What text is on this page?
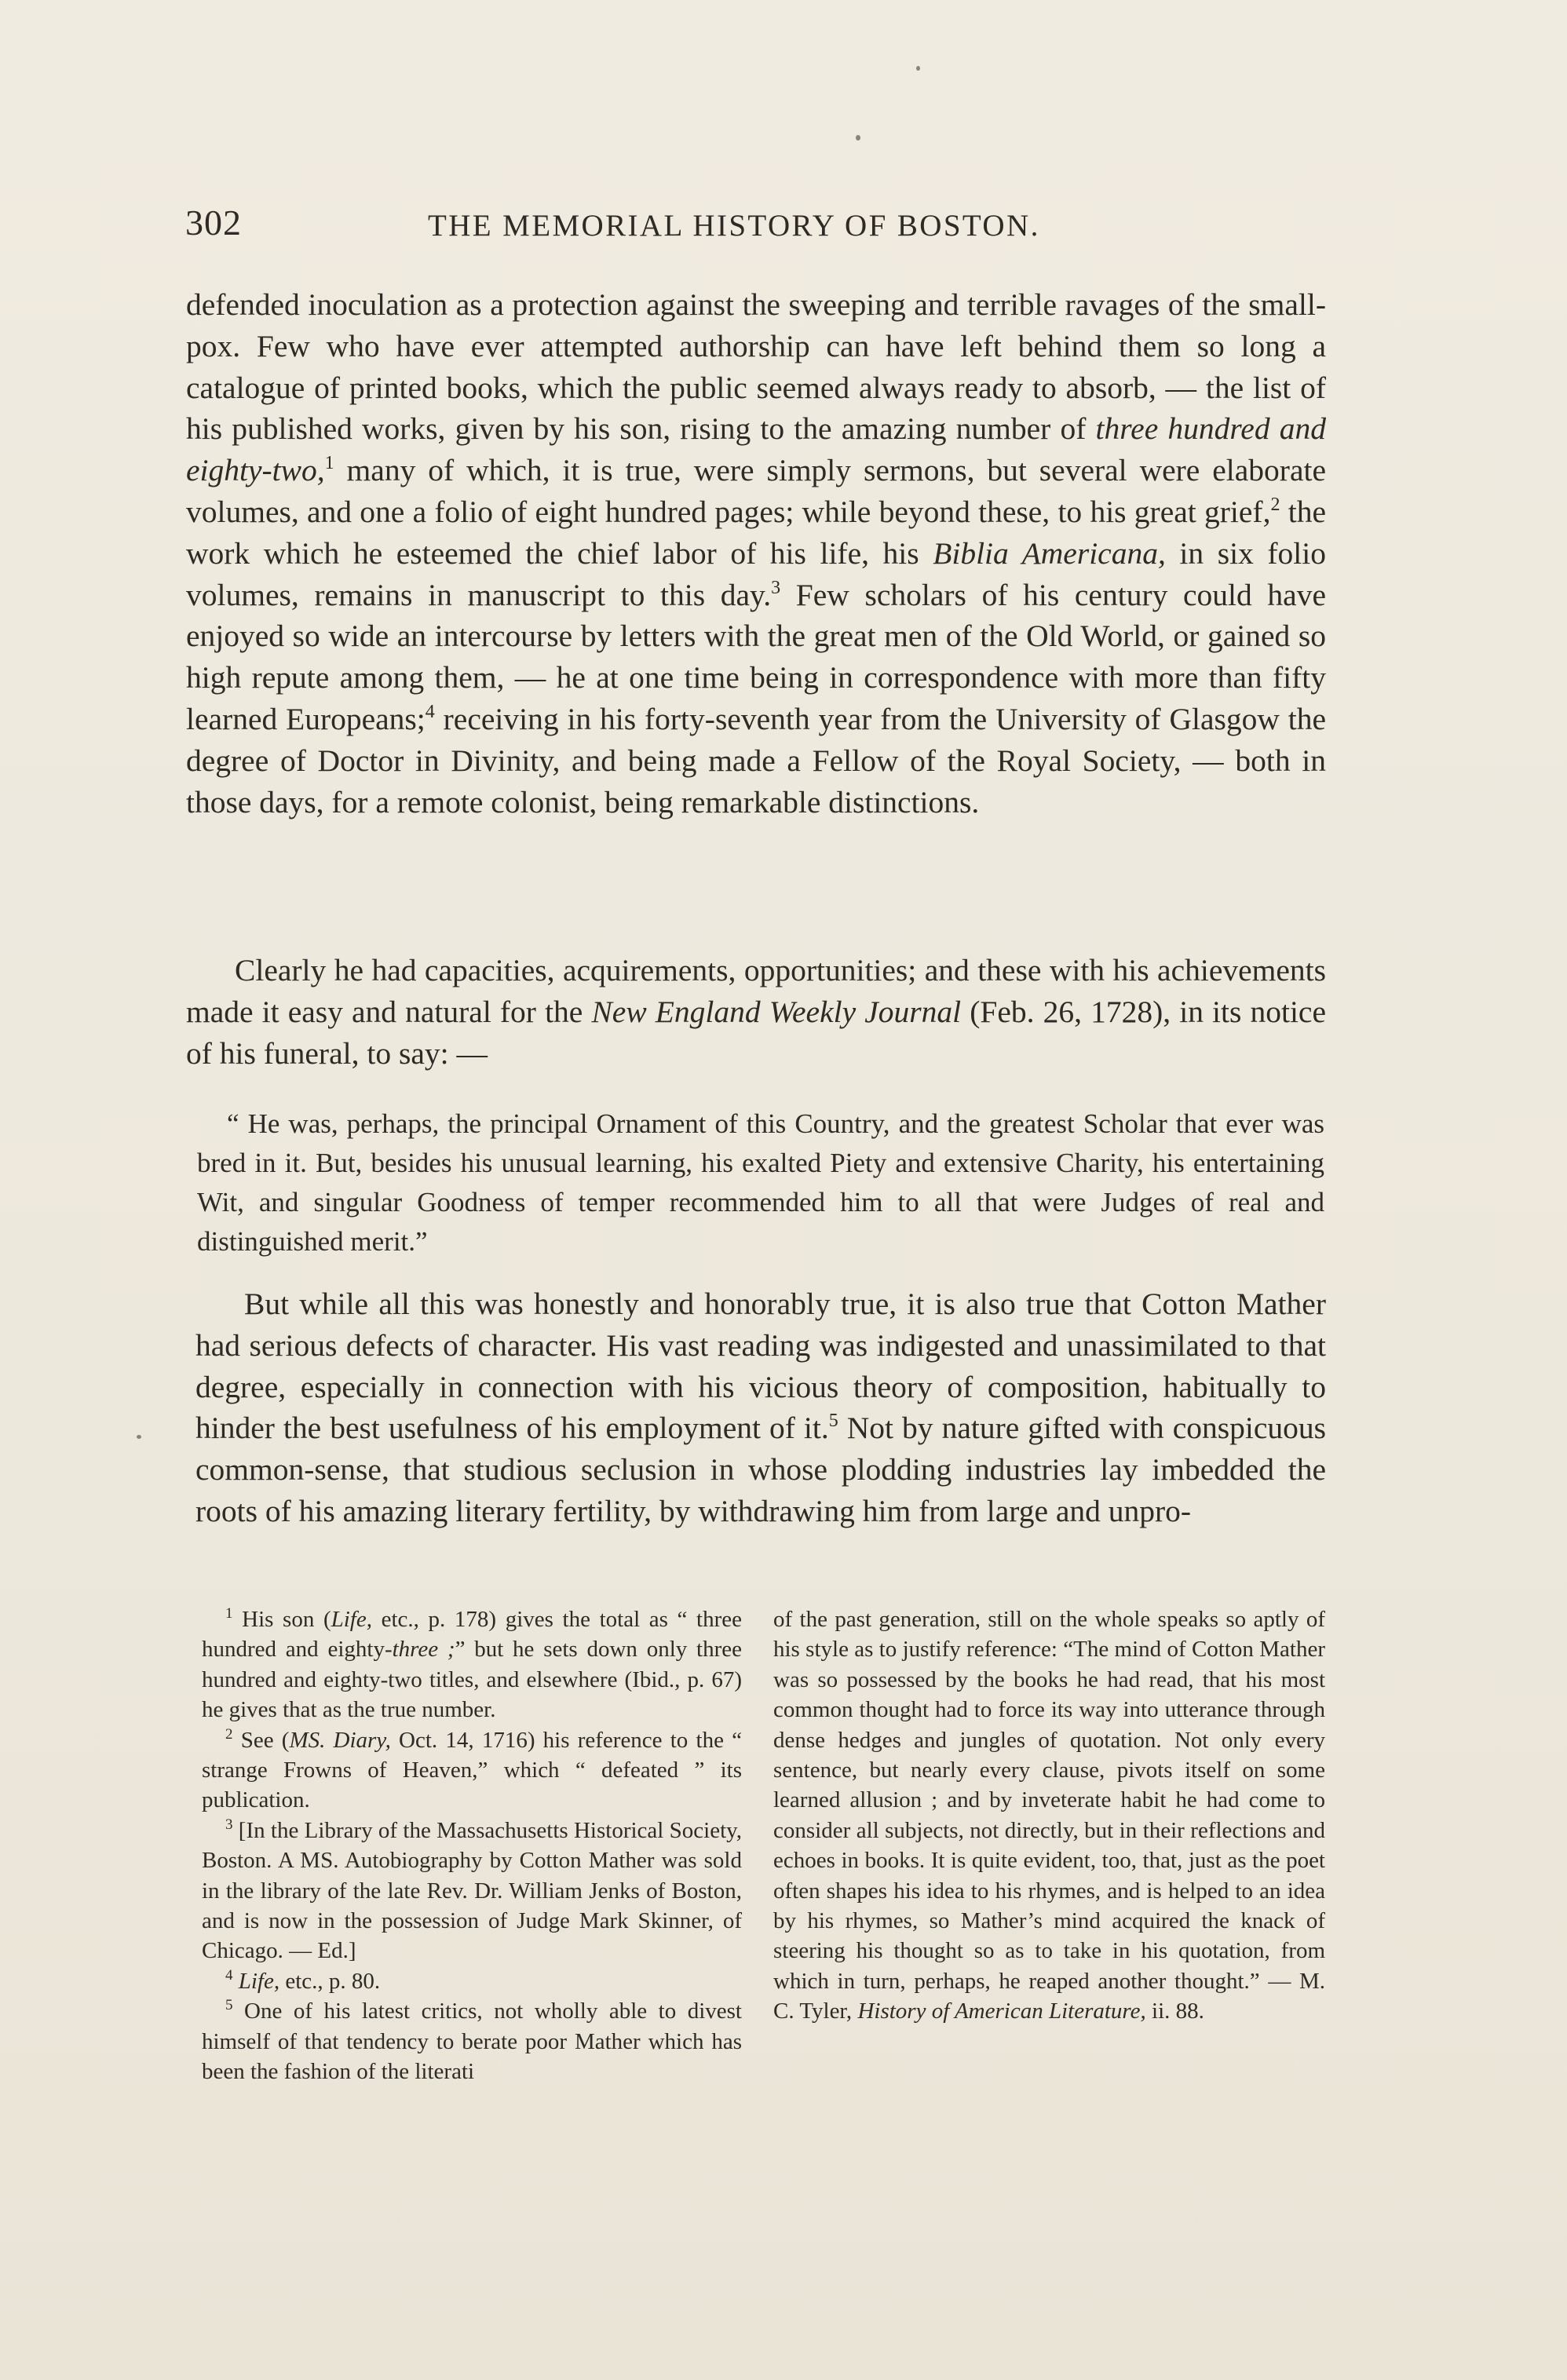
302	THE MEMORIAL HISTORY OF BOSTON.
defended inoculation as a protection against the sweeping and terrible ravages of the small-pox. Few who have ever attempted authorship can have left behind them so long a catalogue of printed books, which the public seemed always ready to absorb, — the list of his published works, given by his son, rising to the amazing number of three hundred and eighty-two,$^1$ many of which, it is true, were simply sermons, but several were elaborate volumes, and one a folio of eight hundred pages; while beyond these, to his great grief,$^2$ the work which he esteemed the chief labor of his life, his Biblia Americana, in six folio volumes, remains in manuscript to this day.$^3$ Few scholars of his century could have enjoyed so wide an intercourse by letters with the great men of the Old World, or gained so high repute among them, — he at one time being in correspondence with more than fifty learned Europeans;$^4$ receiving in his forty-seventh year from the University of Glasgow the degree of Doctor in Divinity, and being made a Fellow of the Royal Society, — both in those days, for a remote colonist, being remarkable distinctions.
Clearly he had capacities, acquirements, opportunities; and these with his achievements made it easy and natural for the New England Weekly Journal (Feb. 26, 1728), in its notice of his funeral, to say: —
“ He was, perhaps, the principal Ornament of this Country, and the greatest Scholar that ever was bred in it. But, besides his unusual learning, his exalted Piety and extensive Charity, his entertaining Wit, and singular Goodness of temper recommended him to all that were Judges of real and distinguished merit.”
But while all this was honestly and honorably true, it is also true that Cotton Mather had serious defects of character. His vast reading was indigested and unassimilated to that degree, especially in connection with his vicious theory of composition, habitually to hinder the best usefulness of his employment of it.$^5$ Not by nature gifted with conspicuous common-sense, that studious seclusion in whose plodding industries lay imbedded the roots of his amazing literary fertility, by withdrawing him from large and unpro-

$^1$ His son (Life, etc., p. 178) gives the total as “ three hundred and eighty-three ;” but he sets down only three hundred and eighty-two titles, and elsewhere (Ibid., p. 67) he gives that as the true number.

$^2$ See (MS. Diary, Oct. 14, 1716) his reference to the “ strange Frowns of Heaven,” which “ defeated ” its publication.

$^3$ [In the Library of the Massachusetts Historical Society, Boston. A MS. Autobiography by Cotton Mather was sold in the library of the late Rev. Dr. William Jenks of Boston, and is now in the possession of Judge Mark Skinner, of Chicago. — Ed.]

$^4$ Life, etc., p. 80.

$^5$ One of his latest critics, not wholly able to divest himself of that tendency to berate poor Mather which has been the fashion of the literati

of the past generation, still on the whole speaks so aptly of his style as to justify reference: “The mind of Cotton Mather was so possessed by the books he had read, that his most common thought had to force its way into utterance through dense hedges and jungles of quotation. Not only every sentence, but nearly every clause, pivots itself on some learned allusion ; and by inveterate habit he had come to consider all subjects, not directly, but in their reflections and echoes in books. It is quite evident, too, that, just as the poet often shapes his idea to his rhymes, and is helped to an idea by his rhymes, so Mather’s mind acquired the knack of steering his thought so as to take in his quotation, from which in turn, perhaps, he reaped another thought.” — M. C. Tyler, History of American Literature, ii. 88.
